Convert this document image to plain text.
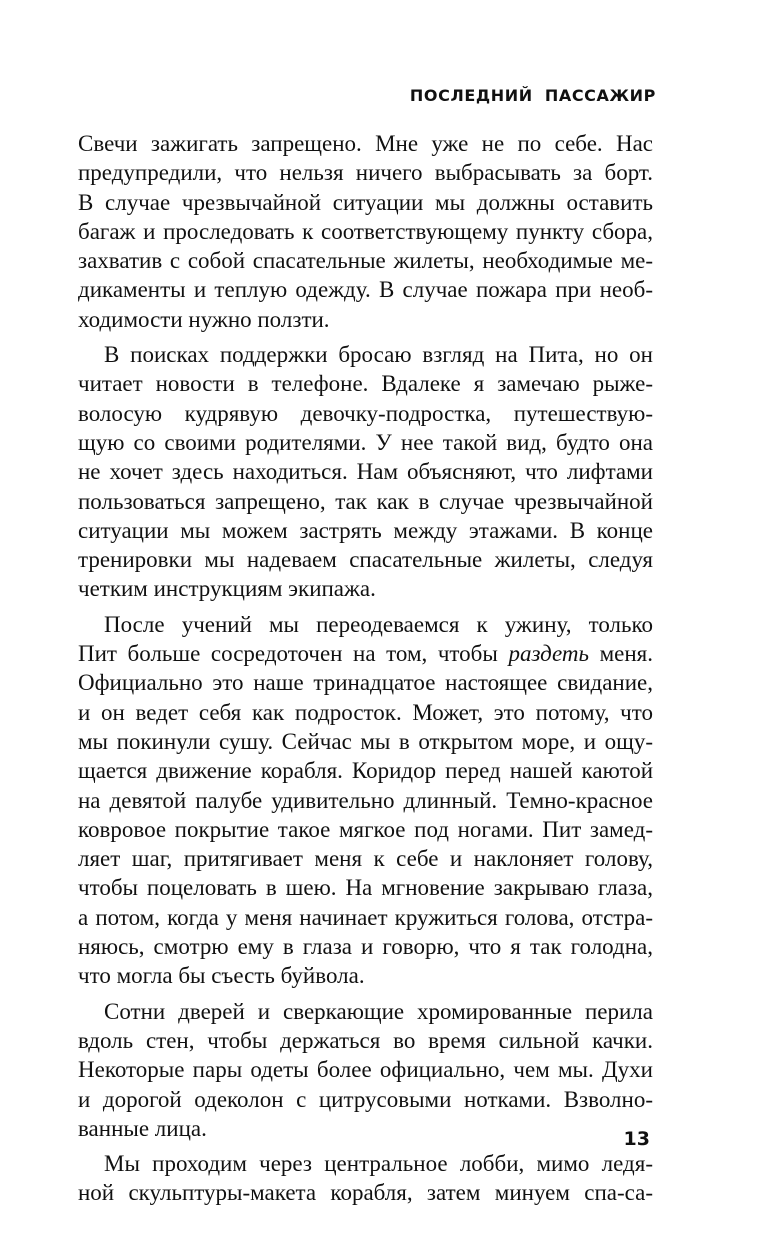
ПОСЛЕДНИЙ ПАССАЖИР
Свечи зажигать запрещено. Мне уже не по себе. Нас
предупредили, что нельзя ничего выбрасывать за борт.
В случае чрезвычайной ситуации мы должны оставить
багаж и проследовать к соответствующему пункту сбора,
захватив с собой спасательные жилеты, необходимые ме-
дикаменты и теплую одежду. В случае пожара при необ-
ходимости нужно ползти.
В поисках поддержки бросаю взгляд на Пита, но он
читает новости в телефоне. Вдалеке я замечаю рыже-
волосую кудрявую девочку-подростка, путешествую-
щую со своими родителями. У нее такой вид, будто она
не хочет здесь находиться. Нам объясняют, что лифтами
пользоваться запрещено, так как в случае чрезвычайной
ситуации мы можем застрять между этажами. В конце
тренировки мы надеваем спасательные жилеты, следуя
четким инструкциям экипажа.
После учений мы переодеваемся к ужину, только
Пит больше сосредоточен на том, чтобы раздеть меня.
Официально это наше тринадцатое настоящее свидание,
и он ведет себя как подросток. Может, это потому, что
мы покинули сушу. Сейчас мы в открытом море, и ощу-
щается движение корабля. Коридор перед нашей каютой
на девятой палубе удивительно длинный. Темно-красное
ковровое покрытие такое мягкое под ногами. Пит замед-
ляет шаг, притягивает меня к себе и наклоняет голову,
чтобы поцеловать в шею. На мгновение закрываю глаза,
а потом, когда у меня начинает кружиться голова, отстра-
няюсь, смотрю ему в глаза и говорю, что я так голодна,
что могла бы съесть буйвола.
Сотни дверей и сверкающие хромированные перила
вдоль стен, чтобы держаться во время сильной качки.
Некоторые пары одеты более официально, чем мы. Духи
и дорогой одеколон с цитрусовыми нотками. Взволно-
ванные лица.
Мы проходим через центральное лобби, мимо ледя-
ной скульптуры-макета корабля, затем минуем спа-са-
13
